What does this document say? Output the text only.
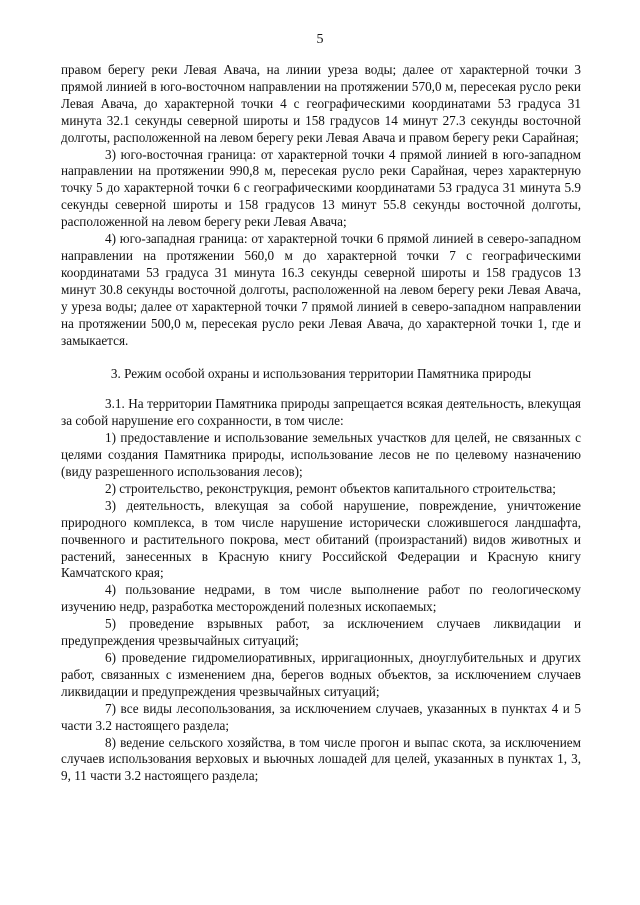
5

правом берегу реки Левая Авача, на линии уреза воды; далее от характерной точки 3 прямой линией в юго-восточном направлении на протяжении 570,0 м, пересекая русло реки Левая Авача, до характерной точки 4 с географическими координатами 53 градуса 31 минута 32.1 секунды северной широты и 158 градусов 14 минут 27.3 секунды восточной долготы, расположенной на левом берегу реки Левая Авача и правом берегу реки Сарайная;

3) юго-восточная граница: от характерной точки 4 прямой линией в юго-западном направлении на протяжении 990,8 м, пересекая русло реки Сарайная, через характерную точку 5 до характерной точки 6 с географическими координатами 53 градуса 31 минута 5.9 секунды северной широты и 158 градусов 13 минут 55.8 секунды восточной долготы, расположенной на левом берегу реки Левая Авача;

4) юго-западная граница: от характерной точки 6 прямой линией в северо-западном направлении на протяжении 560,0 м до характерной точки 7 с географическими координатами 53 градуса 31 минута 16.3 секунды северной широты и 158 градусов 13 минут 30.8 секунды восточной долготы, расположенной на левом берегу реки Левая Авача, у уреза воды; далее от характерной точки 7 прямой линией в северо-западном направлении на протяжении 500,0 м, пересекая русло реки Левая Авача, до характерной точки 1, где и замыкается.

3. Режим особой охраны и использования территории Памятника природы

3.1. На территории Памятника природы запрещается всякая деятельность, влекущая за собой нарушение его сохранности, в том числе:

1) предоставление и использование земельных участков для целей, не связанных с целями создания Памятника природы, использование лесов не по целевому назначению (виду разрешенного использования лесов);

2) строительство, реконструкция, ремонт объектов капитального строительства;

3) деятельность, влекущая за собой нарушение, повреждение, уничтожение природного комплекса, в том числе нарушение исторически сложившегося ландшафта, почвенного и растительного покрова, мест обитаний (произрастаний) видов животных и растений, занесенных в Красную книгу Российской Федерации и Красную книгу Камчатского края;

4) пользование недрами, в том числе выполнение работ по геологическому изучению недр, разработка месторождений полезных ископаемых;

5) проведение взрывных работ, за исключением случаев ликвидации и предупреждения чрезвычайных ситуаций;

6) проведение гидромелиоративных, ирригационных, дноуглубительных и других работ, связанных с изменением дна, берегов водных объектов, за исключением случаев ликвидации и предупреждения чрезвычайных ситуаций;

7) все виды лесопользования, за исключением случаев, указанных в пунктах 4 и 5 части 3.2 настоящего раздела;

8) ведение сельского хозяйства, в том числе прогон и выпас скота, за исключением случаев использования верховых и вьючных лошадей для целей, указанных в пунктах 1, 3, 9, 11 части 3.2 настоящего раздела;
